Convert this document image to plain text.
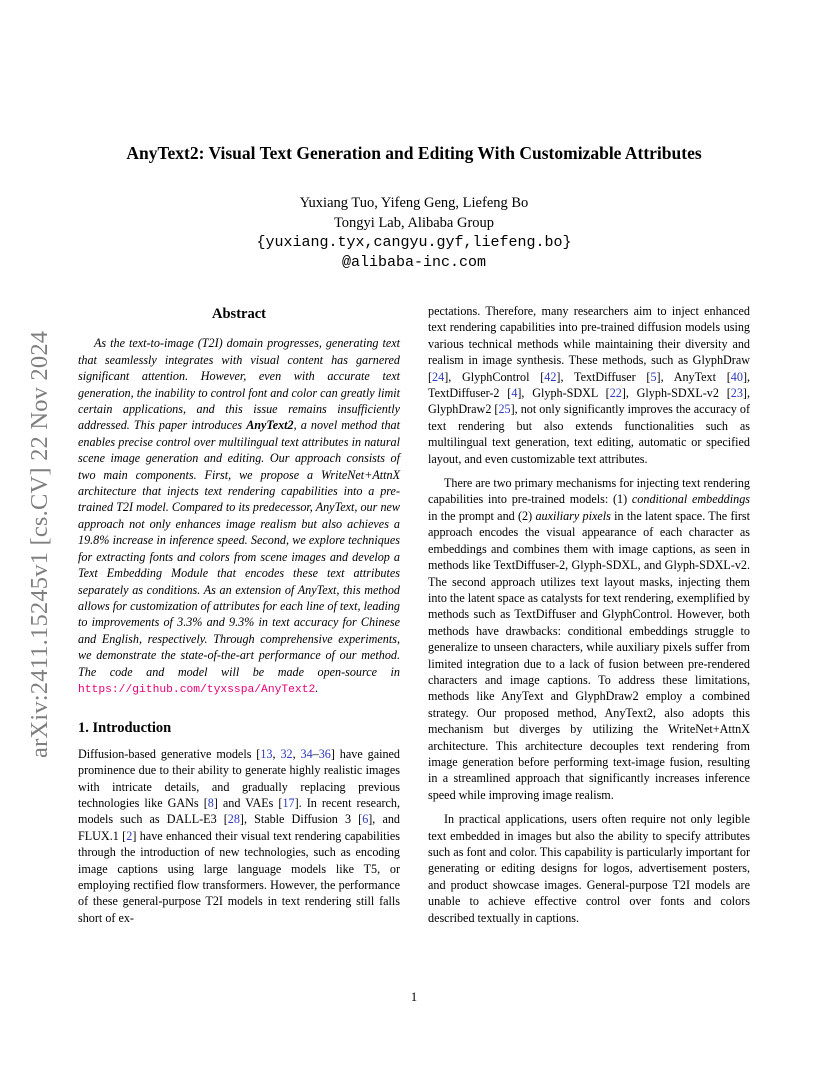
AnyText2: Visual Text Generation and Editing With Customizable Attributes
Yuxiang Tuo, Yifeng Geng, Liefeng Bo
Tongyi Lab, Alibaba Group
{yuxiang.tyx,cangyu.gyf,liefeng.bo}
@alibaba-inc.com
arXiv:2411.15245v1 [cs.CV] 22 Nov 2024

Abstract

As the text-to-image (T2I) domain progresses, generating text that seamlessly integrates with visual content has garnered significant attention. However, even with accurate text generation, the inability to control font and color can greatly limit certain applications, and this issue remains insufficiently addressed. This paper introduces AnyText2, a novel method that enables precise control over multilingual text attributes in natural scene image generation and editing. Our approach consists of two main components. First, we propose a WriteNet+AttnX architecture that injects text rendering capabilities into a pre-trained T2I model. Compared to its predecessor, AnyText, our new approach not only enhances image realism but also achieves a 19.8% increase in inference speed. Second, we explore techniques for extracting fonts and colors from scene images and develop a Text Embedding Module that encodes these text attributes separately as conditions. As an extension of AnyText, this method allows for customization of attributes for each line of text, leading to improvements of 3.3% and 9.3% in text accuracy for Chinese and English, respectively. Through comprehensive experiments, we demonstrate the state-of-the-art performance of our method. The code and model will be made open-source in https://github.com/tyxsspa/AnyText2.

1. Introduction

Diffusion-based generative models [13, 32, 34–36] have gained prominence due to their ability to generate highly realistic images with intricate details, and gradually replacing previous technologies like GANs [8] and VAEs [17]. In recent research, models such as DALL-E3 [28], Stable Diffusion 3 [6], and FLUX.1 [2] have enhanced their visual text rendering capabilities through the introduction of new technologies, such as encoding image captions using large language models like T5, or employing rectified flow transformers. However, the performance of these general-purpose T2I models in text rendering still falls short of ex-

pectations. Therefore, many researchers aim to inject enhanced text rendering capabilities into pre-trained diffusion models using various technical methods while maintaining their diversity and realism in image synthesis. These methods, such as GlyphDraw [24], GlyphControl [42], TextDiffuser [5], AnyText [40], TextDiffuser-2 [4], Glyph-SDXL [22], Glyph-SDXL-v2 [23], GlyphDraw2 [25], not only significantly improves the accuracy of text rendering but also extends functionalities such as multilingual text generation, text editing, automatic or specified layout, and even customizable text attributes.

There are two primary mechanisms for injecting text rendering capabilities into pre-trained models: (1) conditional embeddings in the prompt and (2) auxiliary pixels in the latent space. The first approach encodes the visual appearance of each character as embeddings and combines them with image captions, as seen in methods like TextDiffuser-2, Glyph-SDXL, and Glyph-SDXL-v2. The second approach utilizes text layout masks, injecting them into the latent space as catalysts for text rendering, exemplified by methods such as TextDiffuser and GlyphControl. However, both methods have drawbacks: conditional embeddings struggle to generalize to unseen characters, while auxiliary pixels suffer from limited integration due to a lack of fusion between pre-rendered characters and image captions. To address these limitations, methods like AnyText and GlyphDraw2 employ a combined strategy. Our proposed method, AnyText2, also adopts this mechanism but diverges by utilizing the WriteNet+AttnX architecture. This architecture decouples text rendering from image generation before performing text-image fusion, resulting in a streamlined approach that significantly increases inference speed while improving image realism.

In practical applications, users often require not only legible text embedded in images but also the ability to specify attributes such as font and color. This capability is particularly important for generating or editing designs for logos, advertisement posters, and product showcase images. General-purpose T2I models are unable to achieve effective control over fonts and colors described textually in captions.

1
